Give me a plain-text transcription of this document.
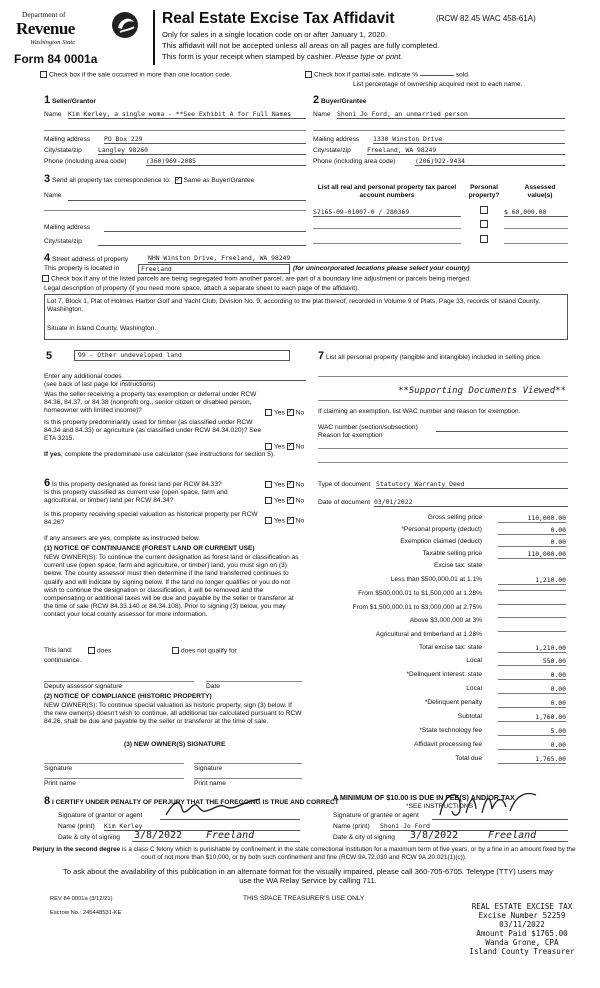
Department of
Revenue
Washington State
Form 84 0001a
Real Estate Excise Tax Affidavit	(RCW 82.45 WAC 458-61A)
Only for sales in a single location code on or after January 1, 2020.
This affidavit will not be accepted unless all areas on all pages are fully completed.
This form is your receipt when stamped by cashier. Please type or print.
Check box if the sale occurred in more than one location code.	Check box if partial sale, indicate %	sold.
List percentage of ownership acquired next to each name.
1 Seller/Grantor
Name Kim Kerley, a single woma - **See Exhibit A for Full Names
Mailing address PO Box 229
City/state/zip	Langley 98260
Phone (including area code)	(360)969-2085
2 Buyer/Grantee
Name Shoni Jo Ford, an unmarried person
Mailing address 1330 Winston Drive
City/state/zip	Freeland, WA 98249
Phone (including area code)	(206)922-9434
3 Send all property tax correspondence to: ✓ Same as Buyer/Grantee
Name
Mailing address
City/state/zip
List all real and personal property tax parcel account numbers
Personal property?
Assessed value(s)
S7165-09-01007-0 / 280369	$ 60,000.00
4 Street address of property	NHN Winston Drive, Freeland, WA 98249
This property is located in	Freeland	(for unincorporated locations please select your county)
Check box if any of the listed parcels are being segregated from another parcel, are part of a boundary line adjustment or parcels being merged.
Legal description of property (if you need more space, attach a separate sheet to each page of the affidavit).
Lot 7, Block 1, Plat of Holmes Harbor Golf and Yacht Club, Division No. 9, according to the plat thereof, recorded in Volume 9 of Plats, Page 33, records of Island County, Washington.
Situate in Island County, Washington.
5	99 - Other undeveloped land
Enter any additional codes
(see back of last page for instructions)
Was the seller receiving a property tax exemption or deferral under RCW 84.36, 84.37, or 84.38 (nonprofit org., senior citizen or disabled person, homeowner with limited income)?	Yes ✓ No
Is this property predominantly used for timber (as classified under RCW 84.34 and 84.33) or agriculture (as classified under RCW 84.34.020)? See ETA 3215.
Yes ✓ No
If yes, complete the predominate use calculator (see instructions for section 5).
6 Is this property designated as forest land per RCW 84.33?	Yes ✓ No
Is this property classified as current use (open space, farm and agricultural, or timber) land per RCW 84.34?	Yes ✓ No
Is this property receiving special valuation as historical property per RCW 84.26?	Yes ✓ No
If any answers are yes, complete as instructed below.
(1) NOTICE OF CONTINUANCE (FOREST LAND OR CURRENT USE)
NEW OWNER(S): To continue the current designation as forest land or classification as current use (open space, farm and agriculture, or timber) land, you must sign on (3) below. The county assessor must then determine if the land transferred continues to qualify and will indicate by signing below. If the land no longer qualifies or you do not wish to continue the designation or classification, it will be removed and the compensating or additional taxes will be due and payable by the seller or transferor at the time of sale (RCW 84.33.140 or 84.34.108). Prior to signing (3) below, you may contact your local county assessor for more information.
This land:	does	does not qualify for
continuance.
Deputy assessor signature	Date
(2) NOTICE OF COMPLIANCE (HISTORIC PROPERTY)
NEW OWNER(S): To continue special valuation as historic property, sign (3) below. If the new owner(s) doesn't wish to continue, all additional tax calculated pursuant to RCW 84.26, shall be due and payable by the seller or transferor at the time of sale.
(3) NEW OWNER(S) SIGNATURE
Signature	Signature
Print name	Print name
7 List all personal property (tangible and intangible) included in selling price.
**Supporting Documents Viewed**
If claiming an exemption, list WAC number and reason for exemption.
WAC number (section/subsection)
Reason for exemption
Type of document Statutory Warranty Deed
Date of document 03/01/2022
Gross selling price	110,000.00
*Personal property (deduct)	0.00
Exemption claimed (deduct)	0.00
Taxable selling price	110,000.00
Excise tax: state
Less than $500,000.01 at 1.1%	1,210.00
From $500,000.01 to $1,500,000 at 1.28%
From $1,500,000.01 to $3,000,000 at 2.75%
Above $3,000,000 at 3%
Agricultural and timberland at 1.28%
Total excise tax: state	1,210.00
Local	550.00
*Delinquent interest: state	0.00
Local	0.00
*Delinquent penalty	0.00
Subtotal	1,760.00
*State technology fee	5.00
Affidavit processing fee	0.00
Total due	1,765.00
A MINIMUM OF $10.00 IS DUE IN FEE(S) AND/OR TAX
*SEE INSTRUCTIONS
8 I CERTIFY UNDER PENALTY OF PERJURY THAT THE FOREGOING IS TRUE AND CORRECT
Signature of grantor or agent
Name (print) Kim Kerley
Date & city of signing 3/8/2022 Freeland
Signature of grantee or agent
Name (print) Shoni Jo Ford
Date & city of signing 3/8/2022	Freeland
Perjury in the second degree is a class C felony which is punishable by confinement in the state correctional institution for a maximum term of five years, or by a fine in an amount fixed by the court of not more than $10,000, or by both such confinement and fine (RCW 9A.72.030 and RCW 9A.20.021(1)(c)).
To ask about the availability of this publication in an alternate format for the visually impaired, please call 360-705-6705. Teletype (TTY) users may use the WA Relay Service by calling 711.
REV 84 0001a (3/12/21)	THIS SPACE TREASURER'S USE ONLY
Escrow No.: 245448531-KE
REAL ESTATE EXCISE TAX
Excise Number 52259
03/11/2022
Amount Paid $1765.00
Wanda Grone, CPA
Island County Treasurer
